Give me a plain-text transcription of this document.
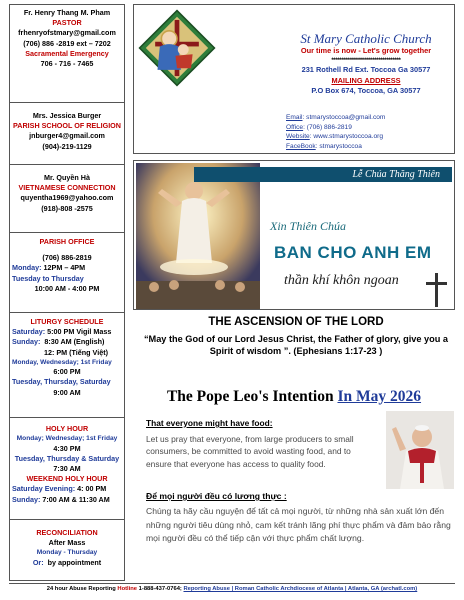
Fr. Henry Thang M. Pham
PASTOR
frhenryofstmary@gmail.com
(706) 886 -2819 ext – 7202
Sacramental Emergency
706 - 716 - 7465
Mrs. Jessica Burger
PARISH SCHOOL OF RELIGION
jnburger4@gmail.com
(904)-219-1129
Mr. Quyền Hà
VIETNAMESE CONNECTION
quyentha1969@yahoo.com
(918)-808 -2575
PARISH OFFICE
(706) 886-2819
Monday: 12PM – 4PM
Tuesday to Thursday
10:00 AM - 4:00 PM
LITURGY SCHEDULE
Saturday: 5:00 PM Vigil Mass
Sunday: 8:30 AM (English)
12: PM (Tiếng Việt)
Monday, Wednesday; 1st Friday
6:00 PM
Tuesday, Thursday, Saturday
9:00 AM
HOLY HOUR
Monday; Wednesday; 1st Friday
4:30 PM
Tuesday, Thursday & Saturday
7:30 AM
WEEKEND HOLY HOUR
Saturday Evening: 4: 00 PM
Sunday: 7:00 AM & 11:30 AM
RECONCILIATION
After Mass
Monday - Thursday
Or: by appointment
St Mary Catholic Church
Our time is now - Let's grow together
**********************************
231 Rothell Rd Ext. Toccoa Ga 30577
MAILING ADDRESS
P.O Box 674, Toccoa, GA 30577
Email: stmarystoccoa@gmail.com
Office: (706) 886-2819
Website: www.stmarystoccoa.org
FaceBook: stmarystoccoa
Lễ Chúa Thăng Thiên
Xin Thiên Chúa
BAN CHO ANH EM
thần khí khôn ngoan
THE ASCENSION OF THE LORD

“May the God of our Lord Jesus Christ, the Father of glory, give you a Spirit of wisdom ”. (Ephesians 1:17-23 )

The Pope Leo's Intention In May 2026
That everyone might have food:
Let us pray that everyone, from large producers to small consumers, be committed to avoid wasting food, and to ensure that everyone has access to quality food.
Để mọi người đều có lương thực :
Chúng ta hãy cầu nguyện để tất cả mọi người, từ những nhà sản xuất lớn đến những người tiêu dùng nhỏ, cam kết tránh lãng phí thực phẩm và đảm bảo rằng mọi người đều có thể tiếp cận với thực phẩm chất lượng.
24 hour Abuse Reporting Hotline 1-888-437-0764; Reporting Abuse | Roman Catholic Archdiocese of Atlanta | Atlanta, GA (archatl.com)
